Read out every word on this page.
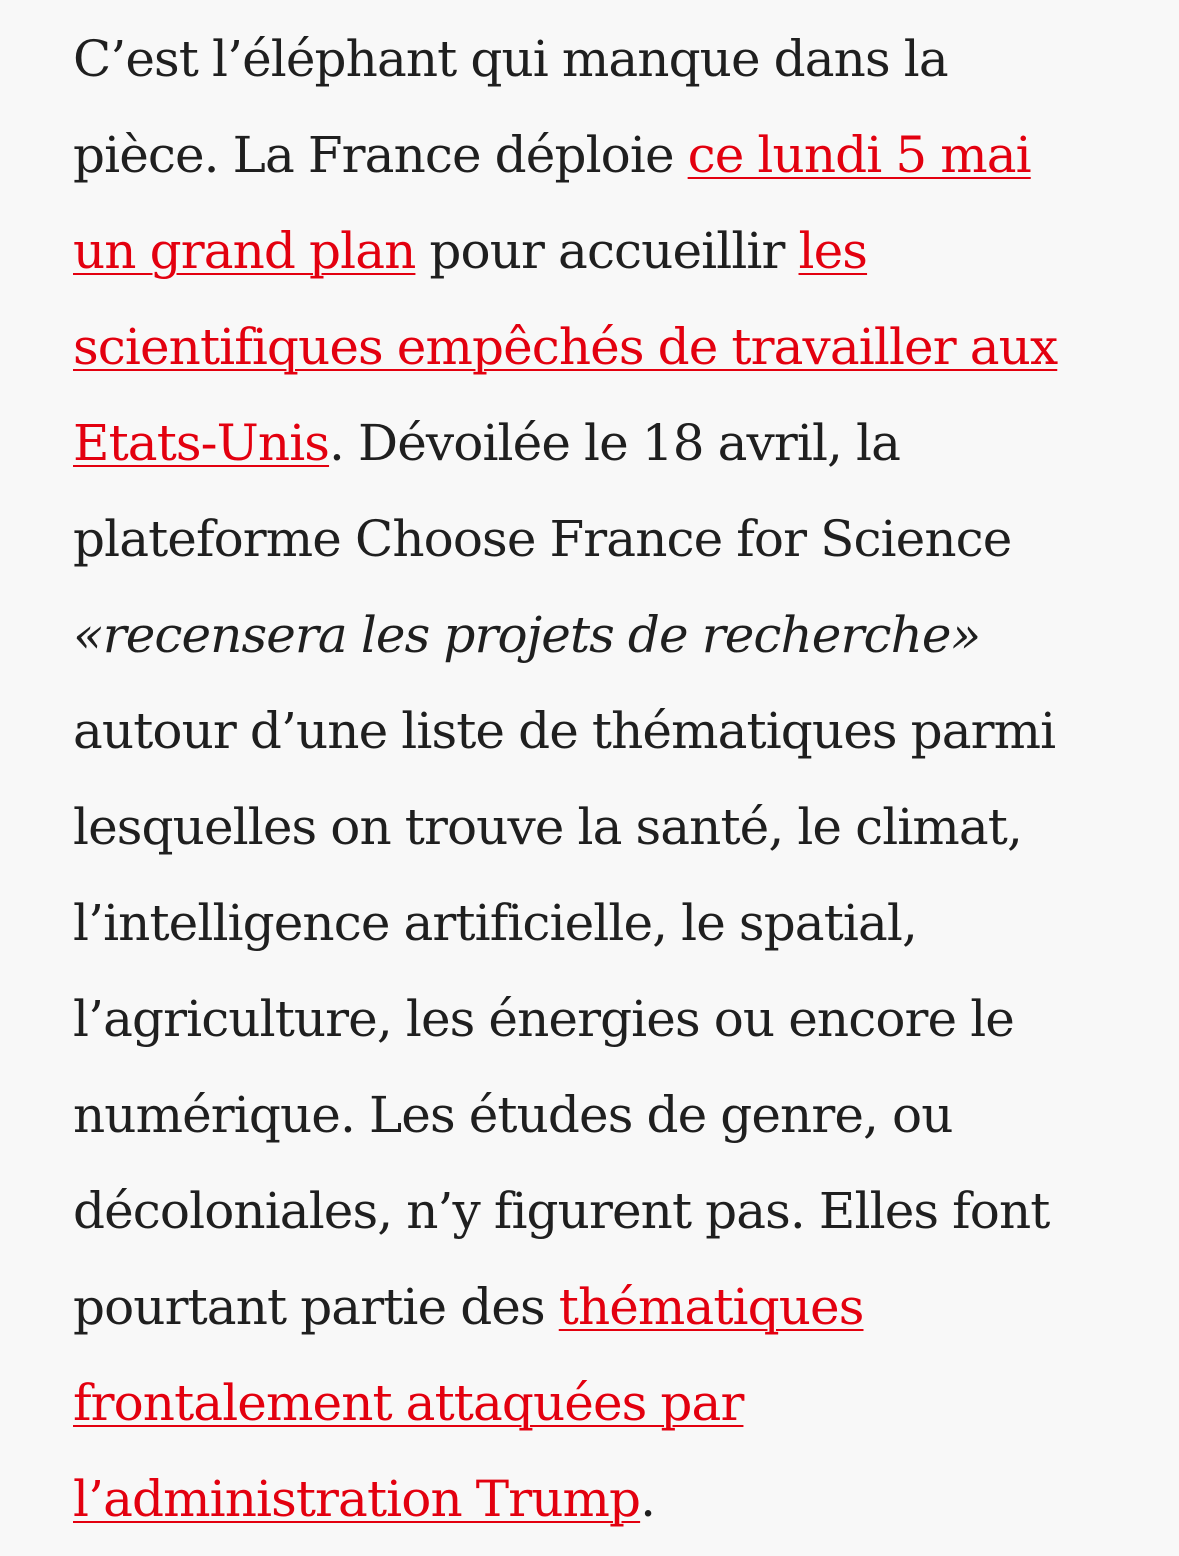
C’est l’éléphant qui manque dans la pièce. La France déploie ce lundi 5 mai un grand plan pour accueillir les scientifiques empêchés de travailler aux Etats-Unis. Dévoilée le 18 avril, la plateforme Choose France for Science «recensera les projets de recherche» autour d’une liste de thématiques parmi lesquelles on trouve la santé, le climat, l’intelligence artificielle, le spatial, l’agriculture, les énergies ou encore le numérique. Les études de genre, ou décoloniales, n’y figurent pas. Elles font pourtant partie des thématiques frontalement attaquées par l’administration Trump.
